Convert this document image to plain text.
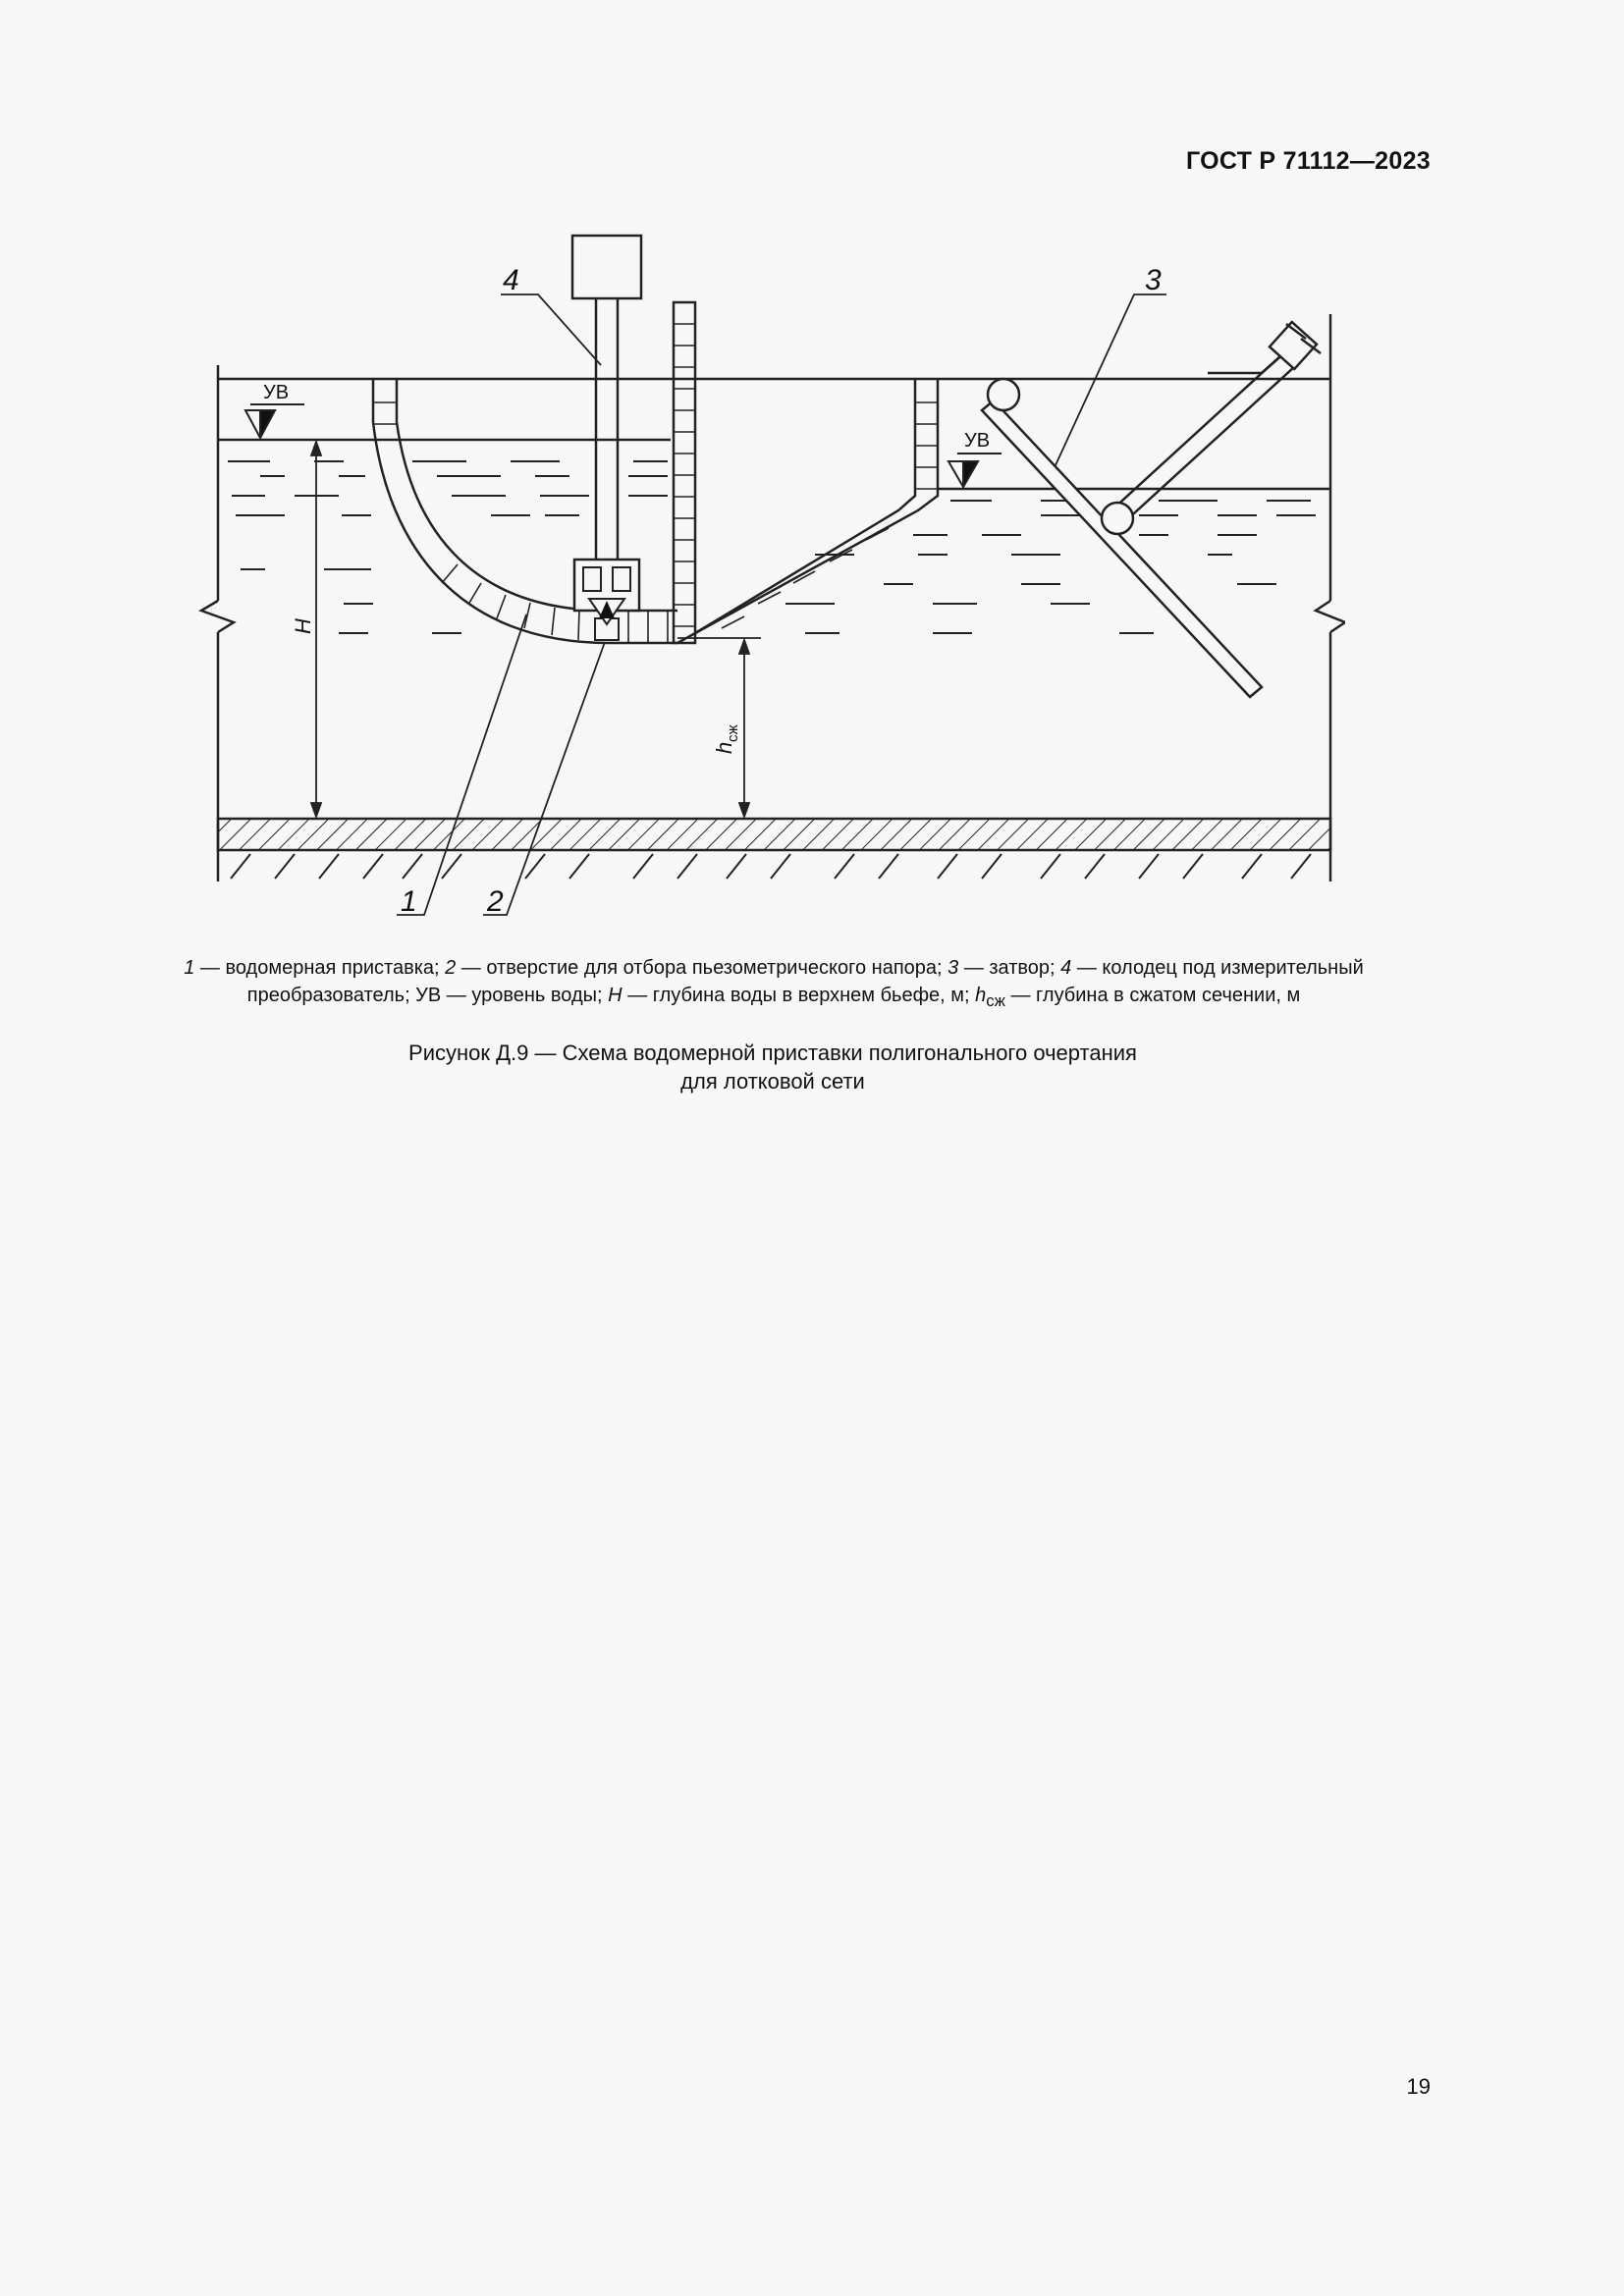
ГОСТ Р 71112—2023
УВ
УВ
H
h
сж
4	3
1 2
1 — водомерная приставка; 2 — отверстие для отбора пьезометрического напора; 3 — затвор; 4 — колодец под измерительный преобразователь; УВ — уровень воды; H — глубина воды в верхнем бьефе, м; $h_{сж}$ — глубина в сжатом сечении, м
Рисунок Д.9 — Схема водомерной приставки полигонального очертания
для лотковой сети
19
